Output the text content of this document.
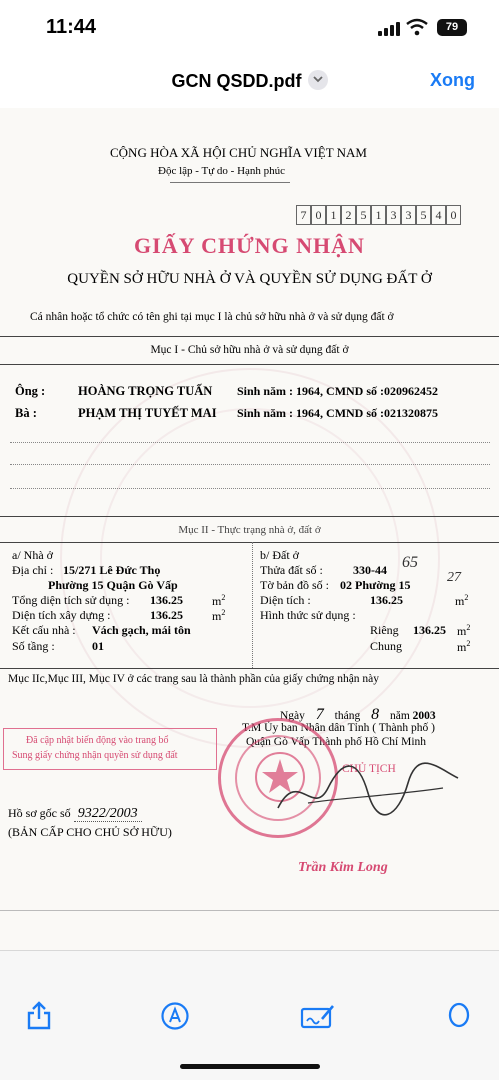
11:44	79
GCN QSDD.pdf	Xong
CỘNG HÒA XÃ HỘI CHỦ NGHĨA VIỆT NAM
Độc lập - Tự do - Hạnh phúc
7 0 1 2 5 1 3 3 5 4 0
GIẤY CHỨNG NHẬN
QUYỀN SỞ HỮU NHÀ Ở VÀ QUYỀN SỬ DỤNG ĐẤT Ở
Cá nhân hoặc tổ chức có tên ghi tại mục I là chủ sở hữu nhà ở và sử dụng đất ở
Mục I - Chủ sở hữu nhà ở và sử dụng đất ở
Ông :	HOÀNG TRỌNG TUẤN Sinh năm : 1964, CMND số :020962452
Bà :	PHẠM THỊ TUYẾT MAI Sinh năm : 1964, CMND số :021320875
Mục II - Thực trạng nhà ở, đất ở
a/ Nhà ở
Địa chỉ : 15/271 Lê Đức Thọ
Phường 15 Quận Gò Vấp
Tổng diện tích sử dụng : 136.25 $m^2$
Diện tích xây dựng :	136.25 $m^2$
Kết cấu nhà : Vách gạch, mái tôn
Số tầng :	01
b/ Đất ở
Thửa đất số :	330-44 65
Tờ bản đồ số : 02 Phường 15	27
Diện tích :	136.25	$m^2$
Hình thức sử dụng :
Riêng 136.25 $m^2$
Chung	$m^2$
Mục IIc,Mục III, Mục IV ở các trang sau là thành phần của giấy chứng nhận này
Ngày 7 tháng 8 năm 2003
T.M Ủy ban Nhân dân Tỉnh ( Thành phố )
Quận Gò Vấp Thành phố Hồ Chí Minh
Đã cập nhật biến động vào trang bổ
Sung giấy chứng nhận quyền sử dụng đất
CHỦ TỊCH
Hồ sơ gốc số 9322/2003
(BẢN CẤP CHO CHỦ SỞ HỮU)
Trần Kim Long
